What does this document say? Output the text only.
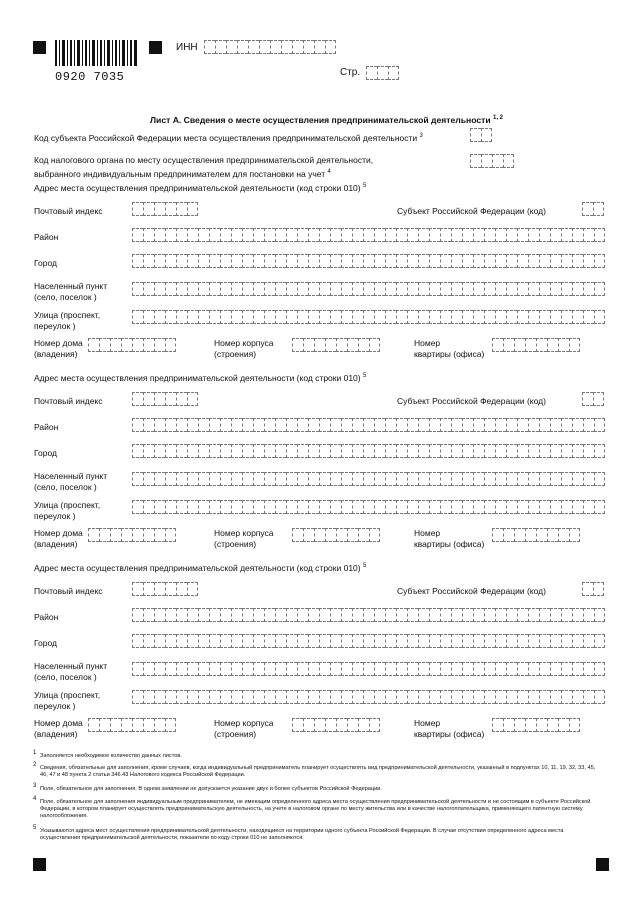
0920 7035
ИНН
Стр.
Лист А. Сведения о месте осуществления предпринимательской деятельности $^{1, 2}$
Код субъекта Российской Федерации места осуществления предпринимательской деятельности $^3$
Код налогового органа по месту осуществления предпринимательской деятельности,
выбранного индивидуальным предпринимателем для постановки на учет $^4$
Адрес места осуществления предпринимательской деятельности (код строки 010) $^5$
Почтовый индекс	Субъект Российской Федерации (код)
Район
Город
Населенный пункт
(село, поселок )
Улица (проспект,
переулок )
Номер дома
(владения)
Номер корпуса
(строения)
Номер
квартиры (офиса)
Адрес места осуществления предпринимательской деятельности (код строки 010) $^5$
Почтовый индекс	Субъект Российской Федерации (код)
Район
Город
Населенный пункт
(село, поселок )
Улица (проспект,
переулок )
Номер дома
(владения)
Номер корпуса
(строения)
Номер
квартиры (офиса)
Адрес места осуществления предпринимательской деятельности (код строки 010) $^5$
Почтовый индекс	Субъект Российской Федерации (код)
Район
Город
Населенный пункт
(село, поселок )
Улица (проспект,
переулок )
Номер дома
(владения)
Номер корпуса
(строения)
Номер
квартиры (офиса)
1 Заполняется необходимое количество данных листов.
2 Сведения, обязательные для заполнения, кроме случаев, когда индивидуальный предприниматель планирует осуществлять вид предпринимательской деятельности, указанный в подпунктах 10, 11, 19, 32, 33, 45, 46, 47 и 48 пункта 2 статьи 346.43 Налогового кодекса Российской Федерации.
3 Поле, обязательное для заполнения. В одном заявлении не допускается указание двух и более субъектов Российской Федерации.
4 Поле, обязательное для заполнения индивидуальным предпринимателем, не имеющим определенного адреса места осуществления предпринимательской деятельности и не состоящим в субъекте Российской Федерации, в котором планирует осуществлять предпринимательскую деятельность, на учете в налоговом органе по месту жительства или в качестве налогоплательщика, применяющего патентную систему налогообложения.
5 Указываются адреса мест осуществления предпринимательской деятельности, находящиеся на территории одного субъекта Российской Федерации. В случае отсутствия определенного адреса места осуществления предпринимательской деятельности, показатели по коду строки 010 не заполняются.
